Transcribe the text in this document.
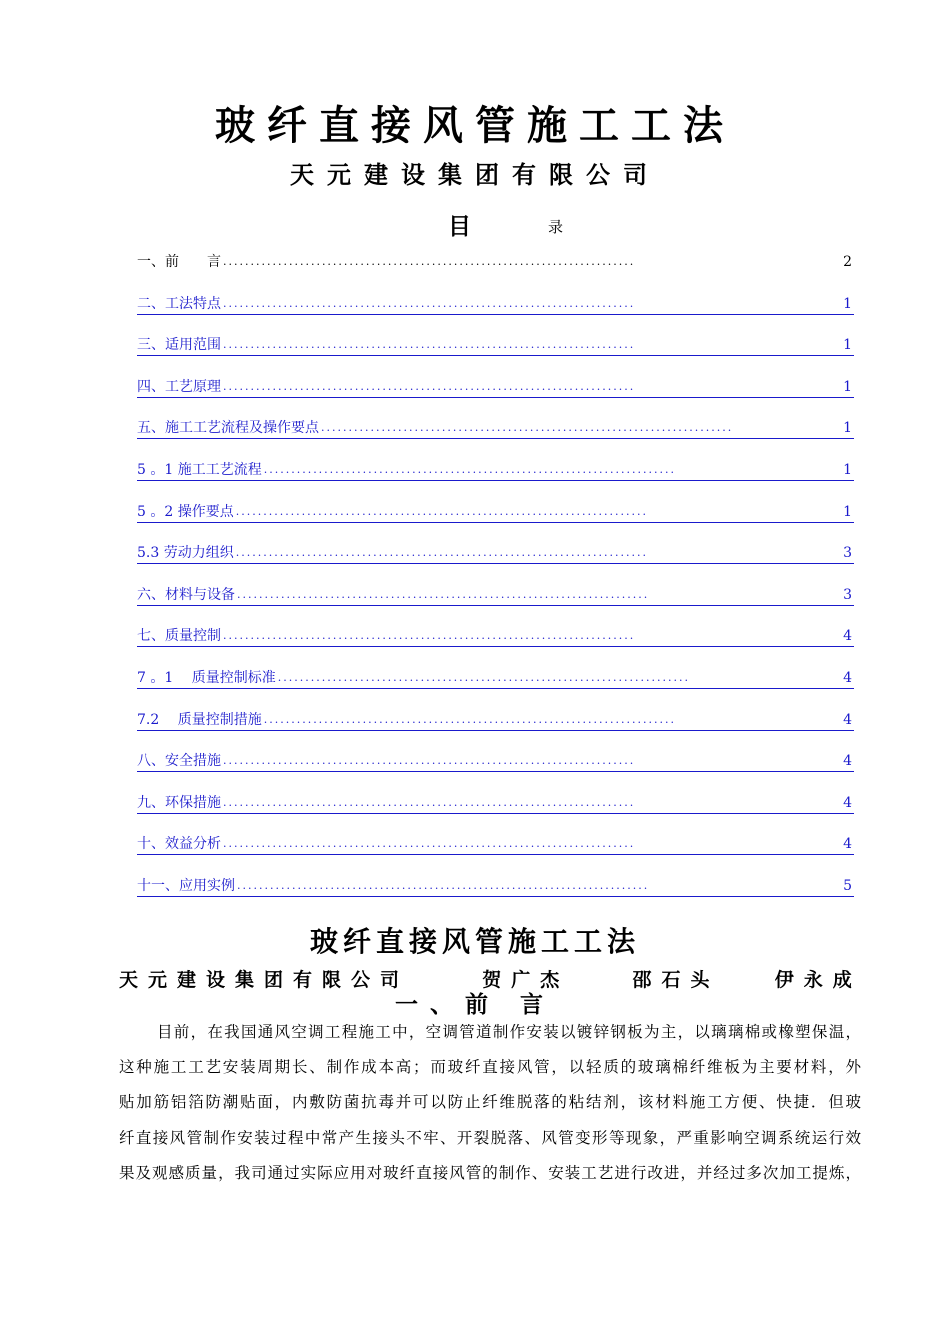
玻纤直接风管施工工法
天元建设集团有限公司
目	录
一、前　　言 ...........................................................................	2
二、工法特点 ...........................................................................	1
三、适用范围 ...........................................................................	1
四、工艺原理 ...........................................................................	1
五、施工工艺流程及操作要点 ...........................................................................	1
5 。1 施工工艺流程 ...........................................................................	1
5 。2 操作要点 ...........................................................................	1
5.3 劳动力组织 ...........................................................................	3
六、材料与设备 ...........................................................................	3
七、质量控制 ...........................................................................	4
7 。1　 质量控制标准 ...........................................................................	4
7.2　 质量控制措施 ...........................................................................	4
八、安全措施 ...........................................................................	4
九、环保措施 ...........................................................................	4
十、效益分析 ...........................................................................	4
十一、应用实例 ...........................................................................	5
玻纤直接风管施工工法
天元建设集团有限公司	贺广杰	邵石头	伊永成
一、前 言
目前，在我国通风空调工程施工中，空调管道制作安装以镀锌钢板为主，以璃璃棉或橡塑保温，
这种施工工艺安装周期长、制作成本高；而玻纤直接风管，以轻质的玻璃棉纤维板为主要材料，外
贴加筋铝箔防潮贴面，内敷防菌抗毒并可以防止纤维脱落的粘结剂，该材料施工方便、快捷．但玻
纤直接风管制作安装过程中常产生接头不牢、开裂脱落、风管变形等现象，严重影响空调系统运行效
果及观感质量，我司通过实际应用对玻纤直接风管的制作、安装工艺进行改进，并经过多次加工提炼，
